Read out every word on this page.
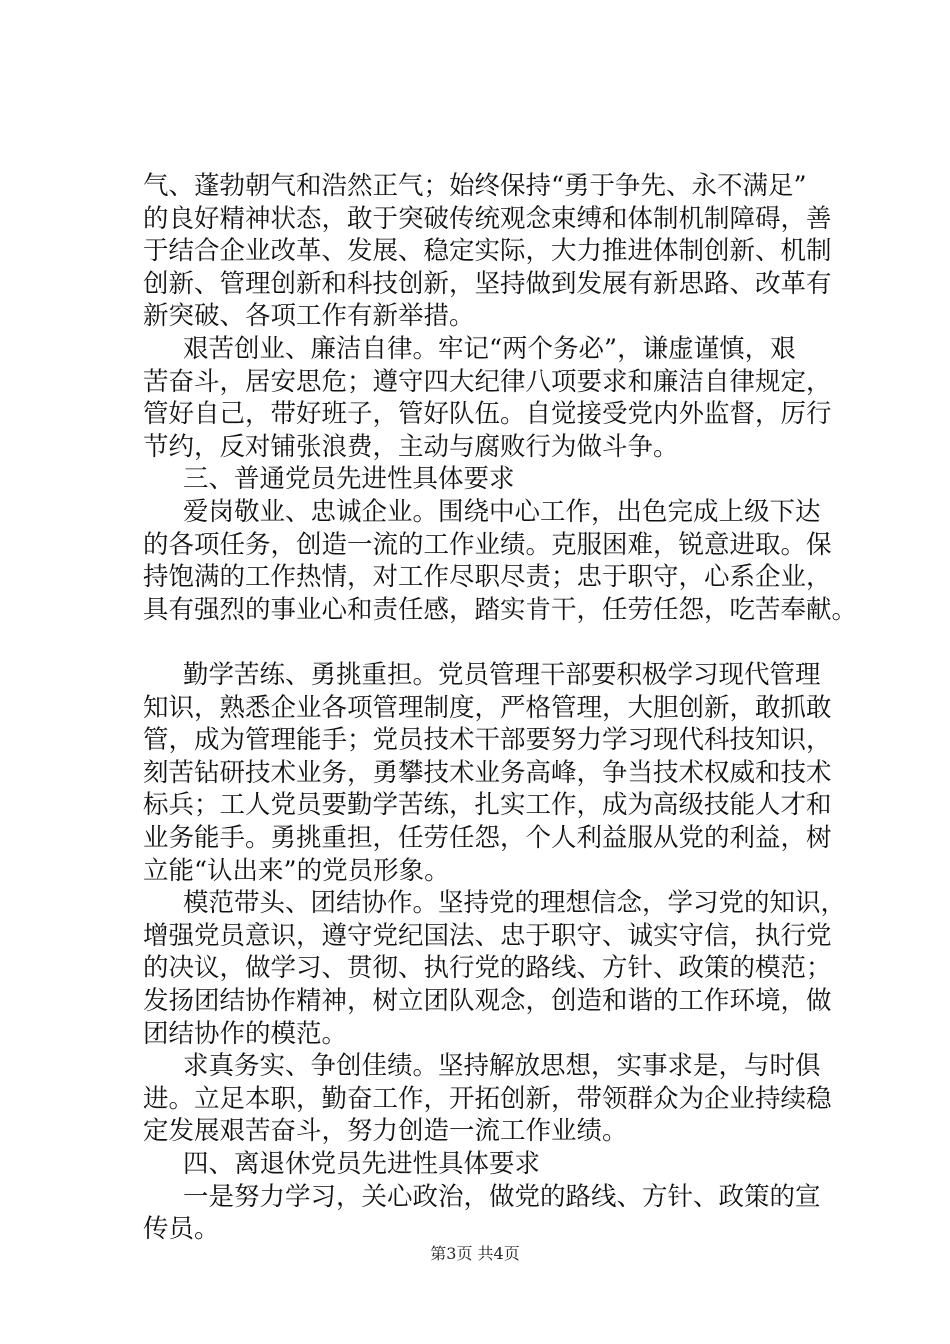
气、蓬勃朝气和浩然正气；始终保持“勇于争先、永不满足”
的良好精神状态，敢于突破传统观念束缚和体制机制障碍，善
于结合企业改革、发展、稳定实际，大力推进体制创新、机制
创新、管理创新和科技创新，坚持做到发展有新思路、改革有
新突破、各项工作有新举措。
艰苦创业、廉洁自律。牢记“两个务必”，谦虚谨慎，艰
苦奋斗，居安思危；遵守四大纪律八项要求和廉洁自律规定，
管好自己，带好班子，管好队伍。自觉接受党内外监督，厉行
节约，反对铺张浪费，主动与腐败行为做斗争。
三、普通党员先进性具体要求
爱岗敬业、忠诚企业。围绕中心工作，出色完成上级下达
的各项任务，创造一流的工作业绩。克服困难，锐意进取。保
持饱满的工作热情，对工作尽职尽责；忠于职守，心系企业，
具有强烈的事业心和责任感，踏实肯干，任劳任怨，吃苦奉献。
勤学苦练、勇挑重担。党员管理干部要积极学习现代管理
知识，熟悉企业各项管理制度，严格管理，大胆创新，敢抓敢
管，成为管理能手；党员技术干部要努力学习现代科技知识，
刻苦钻研技术业务，勇攀技术业务高峰，争当技术权威和技术
标兵；工人党员要勤学苦练，扎实工作，成为高级技能人才和
业务能手。勇挑重担，任劳任怨，个人利益服从党的利益，树
立能“认出来”的党员形象。
模范带头、团结协作。坚持党的理想信念，学习党的知识，
增强党员意识，遵守党纪国法、忠于职守、诚实守信，执行党
的决议，做学习、贯彻、执行党的路线、方针、政策的模范；
发扬团结协作精神，树立团队观念，创造和谐的工作环境，做
团结协作的模范。
求真务实、争创佳绩。坚持解放思想，实事求是，与时俱
进。立足本职，勤奋工作，开拓创新，带领群众为企业持续稳
定发展艰苦奋斗，努力创造一流工作业绩。
四、离退休党员先进性具体要求
一是努力学习，关心政治，做党的路线、方针、政策的宣
传员。
第3页 共4页
